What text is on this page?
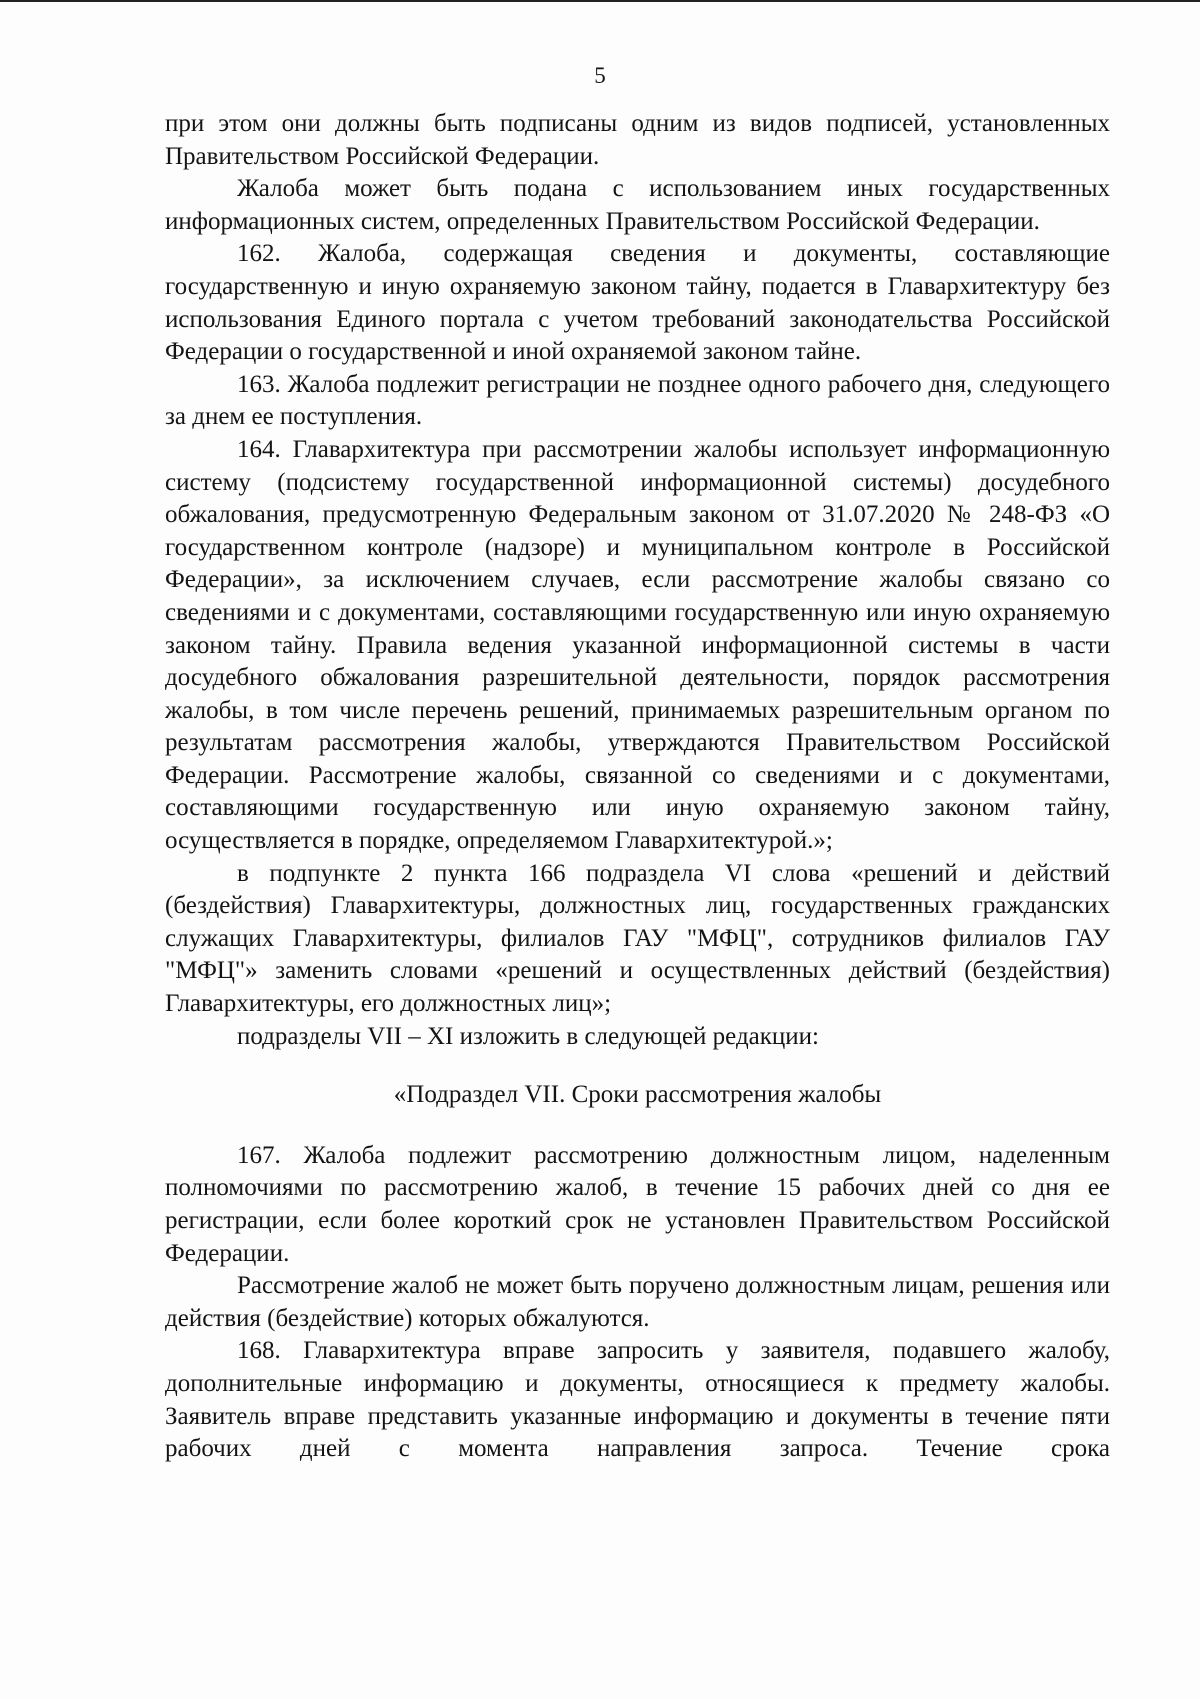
5

при этом они должны быть подписаны одним из видов подписей, установленных Правительством Российской Федерации.

Жалоба может быть подана с использованием иных государственных информационных систем, определенных Правительством Российской Федерации.

162. Жалоба, содержащая сведения и документы, составляющие государственную и иную охраняемую законом тайну, подается в Главархитектуру без использования Единого портала с учетом требований законодательства Российской Федерации о государственной и иной охраняемой законом тайне.

163. Жалоба подлежит регистрации не позднее одного рабочего дня, следующего за днем ее поступления.

164. Главархитектура при рассмотрении жалобы использует информационную систему (подсистему государственной информационной системы) досудебного обжалования, предусмотренную Федеральным законом от 31.07.2020 № 248-ФЗ «О государственном контроле (надзоре) и муниципальном контроле в Российской Федерации», за исключением случаев, если рассмотрение жалобы связано со сведениями и с документами, составляющими государственную или иную охраняемую законом тайну. Правила ведения указанной информационной системы в части досудебного обжалования разрешительной деятельности, порядок рассмотрения жалобы, в том числе перечень решений, принимаемых разрешительным органом по результатам рассмотрения жалобы, утверждаются Правительством Российской Федерации. Рассмотрение жалобы, связанной со сведениями и с документами, составляющими государственную или иную охраняемую законом тайну, осуществляется в порядке, определяемом Главархитектурой.»;

в подпункте 2 пункта 166 подраздела VI слова «решений и действий (бездействия) Главархитектуры, должностных лиц, государственных гражданских служащих Главархитектуры, филиалов ГАУ "МФЦ", сотрудников филиалов ГАУ "МФЦ"» заменить словами «решений и осуществленных действий (бездействия) Главархитектуры, его должностных лиц»;

подразделы VII – XI изложить в следующей редакции:

«Подраздел VII. Сроки рассмотрения жалобы

167. Жалоба подлежит рассмотрению должностным лицом, наделенным полномочиями по рассмотрению жалоб, в течение 15 рабочих дней со дня ее регистрации, если более короткий срок не установлен Правительством Российской Федерации.

Рассмотрение жалоб не может быть поручено должностным лицам, решения или действия (бездействие) которых обжалуются.

168. Главархитектура вправе запросить у заявителя, подавшего жалобу, дополнительные информацию и документы, относящиеся к предмету жалобы. Заявитель вправе представить указанные информацию и документы в течение пяти рабочих дней с момента направления запроса. Течение срока
